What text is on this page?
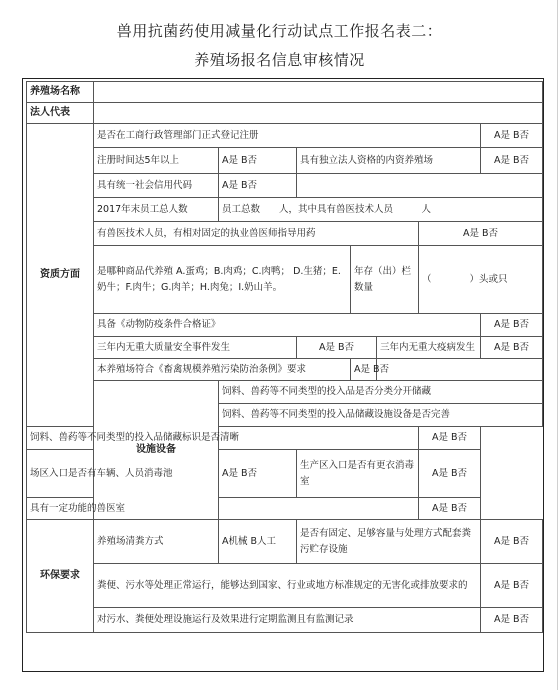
兽用抗菌药使用减量化行动试点工作报名表二：
养殖场报名信息审核情况
养殖场名称								
法人代表								
资质方面	是否在工商行政管理部门正式登记注册						A是 B否	
	注册时间达5年以上	A是 B否	具有独立法人资格的内资养殖场				A是 B否	
	具有统一社会信用代码	A是 B否						
	2017年末员工总人数	员工总数　　人，其中具有兽医技术人员　　　人						
	有兽医技术人员，有相对固定的执业兽医师指导用药					A是 B否		
	是哪种商品代养殖 A.蛋鸡；B.肉鸡；C.肉鸭； D.生猪；E.奶牛；F.肉牛；G.肉羊；H.肉兔；I.奶山羊。			年存（出）栏数量		（　　　　）头或只		
	具备《动物防疫条件合格证》						A是 B否	
	三年内无重大质量安全事件发生		A是 B否		三年内无重大疫病发生		A是 B否	
	本养殖场符合《畜禽规模养殖污染防治条例》要求			A是 B否				
	设施设备	饲料、兽药等不同类型的投入品是否分类分开储藏	
		饲料、兽药等不同类型的投入品储藏设施设备是否完善	
饲料、兽药等不同类型的投入品储藏标识是否清晰						A是 B否		
场区入口是否有车辆、人员消毒池		A是 B否	生产区入口是否有更衣消毒室			A是 B否		
具有一定功能的兽医室						A是 B否		
环保要求	养殖场清粪方式	A机械 B人工	是否有固定、足够容量与处理方式配套粪污贮存设施				A是 B否	
	粪便、污水等处理正常运行，能够达到国家、行业或地方标准规定的无害化或排放要求的						A是 B否	
	对污水、粪便处理设施运行及效果进行定期监测且有监测记录						A是 B否	
